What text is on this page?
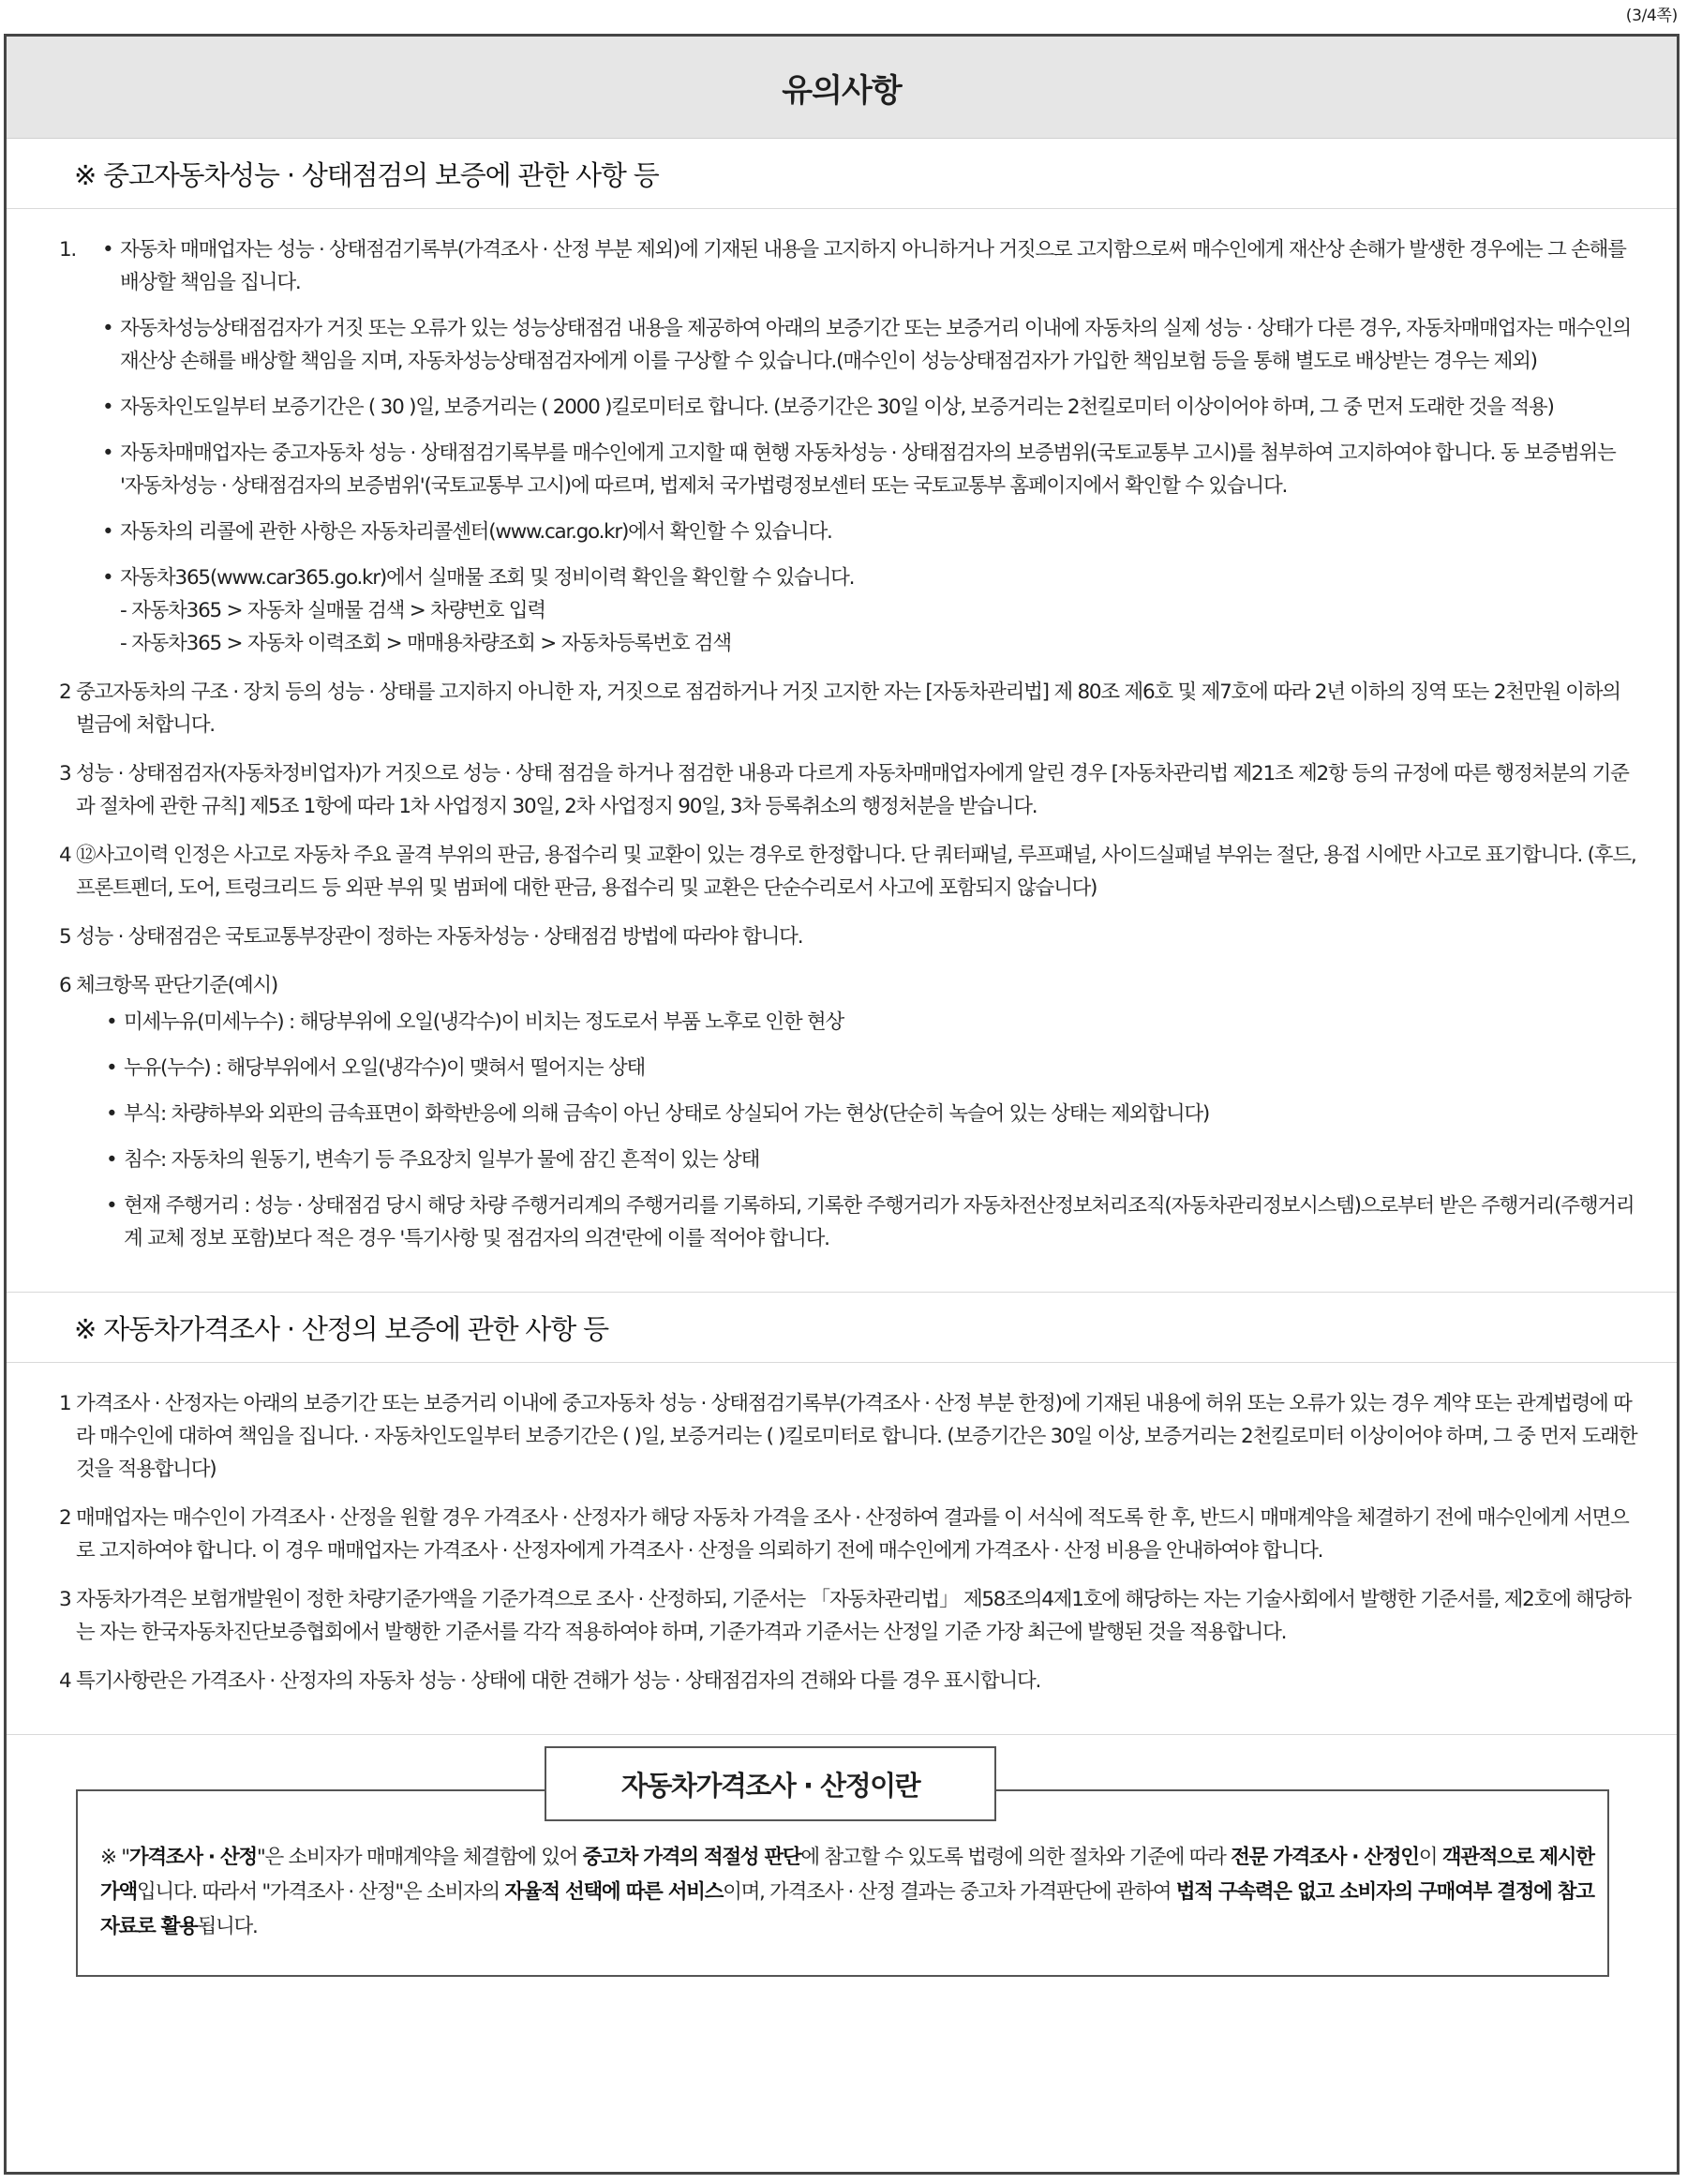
(3/4쪽)
유의사항
※ 중고자동차성능 · 상태점검의 보증에 관한 사항 등
1.
•	자동차 매매업자는 성능 · 상태점검기록부(가격조사 · 산정 부분 제외)에 기재된 내용을 고지하지 아니하거나 거짓으로 고지함으로써 매수인에게 재산상 손해가 발생한 경우에는 그 손해를 배상할 책임을 집니다.
• 자동차성능상태점검자가 거짓 또는 오류가 있는 성능상태점검 내용을 제공하여 아래의 보증기간 또는 보증거리 이내에 자동차의 실제 성능 · 상태가 다른 경우, 자동차매매업자는 매수인의 재산상 손해를 배상할 책임을 지며, 자동차성능상태점검자에게 이를 구상할 수 있습니다.(매수인이 성능상태점검자가 가입한 책임보험 등을 통해 별도로 배상받는 경우는 제외)
• 자동차인도일부터 보증기간은 ( 30 )일, 보증거리는 ( 2000 )킬로미터로 합니다. (보증기간은 30일 이상, 보증거리는 2천킬로미터 이상이어야 하며, 그 중 먼저 도래한 것을 적용)
• 자동차매매업자는 중고자동차 성능 · 상태점검기록부를 매수인에게 고지할 때 현행 자동차성능 · 상태점검자의 보증범위(국토교통부 고시)를 첨부하여 고지하여야 합니다. 동 보증범위는 '자동차성능 · 상태점검자의 보증범위'(국토교통부 고시)에 따르며, 법제처 국가법령정보센터 또는 국토교통부 홈페이지에서 확인할 수 있습니다.
• 자동차의 리콜에 관한 사항은 자동차리콜센터(www.car.go.kr)에서 확인할 수 있습니다.
• 자동차365(www.car365.go.kr)에서 실매물 조회 및 정비이력 확인을 확인할 수 있습니다.
- 자동차365 > 자동차 실매물 검색 > 차량번호 입력
- 자동차365 > 자동차 이력조회 > 매매용차량조회 > 자동차등록번호 검색
2 중고자동차의 구조 · 장치 등의 성능 · 상태를 고지하지 아니한 자, 거짓으로 점검하거나 거짓 고지한 자는 [자동차관리법] 제 80조 제6호 및 제7호에 따라 2년 이하의 징역 또는 2천만원 이하의 벌금에 처합니다.
3 성능 · 상태점검자(자동차정비업자)가 거짓으로 성능 · 상태 점검을 하거나 점검한 내용과 다르게 자동차매매업자에게 알린 경우 [자동차관리법 제21조 제2항 등의 규정에 따른 행정처분의 기준과 절차에 관한 규칙] 제5조 1항에 따라 1차 사업정지 30일, 2차 사업정지 90일, 3차 등록취소의 행정처분을 받습니다.
4 ⑫사고이력 인정은 사고로 자동차 주요 골격 부위의 판금, 용접수리 및 교환이 있는 경우로 한정합니다. 단 쿼터패널, 루프패널, 사이드실패널 부위는 절단, 용접 시에만 사고로 표기합니다. (후드, 프론트펜더, 도어, 트렁크리드 등 외판 부위 및 범퍼에 대한 판금, 용접수리 및 교환은 단순수리로서 사고에 포함되지 않습니다)
5 성능 · 상태점검은 국토교통부장관이 정하는 자동차성능 · 상태점검 방법에 따라야 합니다.
6 체크항목 판단기준(예시)
• 미세누유(미세누수) : 해당부위에 오일(냉각수)이 비치는 정도로서 부품 노후로 인한 현상
• 누유(누수) : 해당부위에서 오일(냉각수)이 맺혀서 떨어지는 상태
• 부식: 차량하부와 외판의 금속표면이 화학반응에 의해 금속이 아닌 상태로 상실되어 가는 현상(단순히 녹슬어 있는 상태는 제외합니다)
• 침수: 자동차의 원동기, 변속기 등 주요장치 일부가 물에 잠긴 흔적이 있는 상태
• 현재 주행거리 : 성능 · 상태점검 당시 해당 차량 주행거리계의 주행거리를 기록하되, 기록한 주행거리가 자동차전산정보처리조직(자동차관리정보시스템)으로부터 받은 주행거리(주행거리계 교체 정보 포함)보다 적은 경우 '특기사항 및 점검자의 의견'란에 이를 적어야 합니다.
※ 자동차가격조사 · 산정의 보증에 관한 사항 등
1 가격조사 · 산정자는 아래의 보증기간 또는 보증거리 이내에 중고자동차 성능 · 상태점검기록부(가격조사 · 산정 부분 한정)에 기재된 내용에 허위 또는 오류가 있는 경우 계약 또는 관계법령에 따라 매수인에 대하여 책임을 집니다. · 자동차인도일부터 보증기간은 ( )일, 보증거리는 ( )킬로미터로 합니다. (보증기간은 30일 이상, 보증거리는 2천킬로미터 이상이어야 하며, 그 중 먼저 도래한 것을 적용합니다)
2 매매업자는 매수인이 가격조사 · 산정을 원할 경우 가격조사 · 산정자가 해당 자동차 가격을 조사 · 산정하여 결과를 이 서식에 적도록 한 후, 반드시 매매계약을 체결하기 전에 매수인에게 서면으로 고지하여야 합니다. 이 경우 매매업자는 가격조사 · 산정자에게 가격조사 · 산정을 의뢰하기 전에 매수인에게 가격조사 · 산정 비용을 안내하여야 합니다.
3 자동차가격은 보험개발원이 정한 차량기준가액을 기준가격으로 조사 · 산정하되, 기준서는 「자동차관리법」 제58조의4제1호에 해당하는 자는 기술사회에서 발행한 기준서를, 제2호에 해당하는 자는 한국자동차진단보증협회에서 발행한 기준서를 각각 적용하여야 하며, 기준가격과 기준서는 산정일 기준 가장 최근에 발행된 것을 적용합니다.
4 특기사항란은 가격조사 · 산정자의 자동차 성능 · 상태에 대한 견해가 성능 · 상태점검자의 견해와 다를 경우 표시합니다.
자동차가격조사 · 산정이란
※ "가격조사 · 산정"은 소비자가 매매계약을 체결함에 있어 중고차 가격의 적절성 판단에 참고할 수 있도록 법령에 의한 절차와 기준에 따라 전문 가격조사 · 산정인이 객관적으로 제시한 가액입니다. 따라서 "가격조사 · 산정"은 소비자의 자율적 선택에 따른 서비스이며, 가격조사 · 산정 결과는 중고차 가격판단에 관하여 법적 구속력은 없고 소비자의 구매여부 결정에 참고자료로 활용됩니다.
